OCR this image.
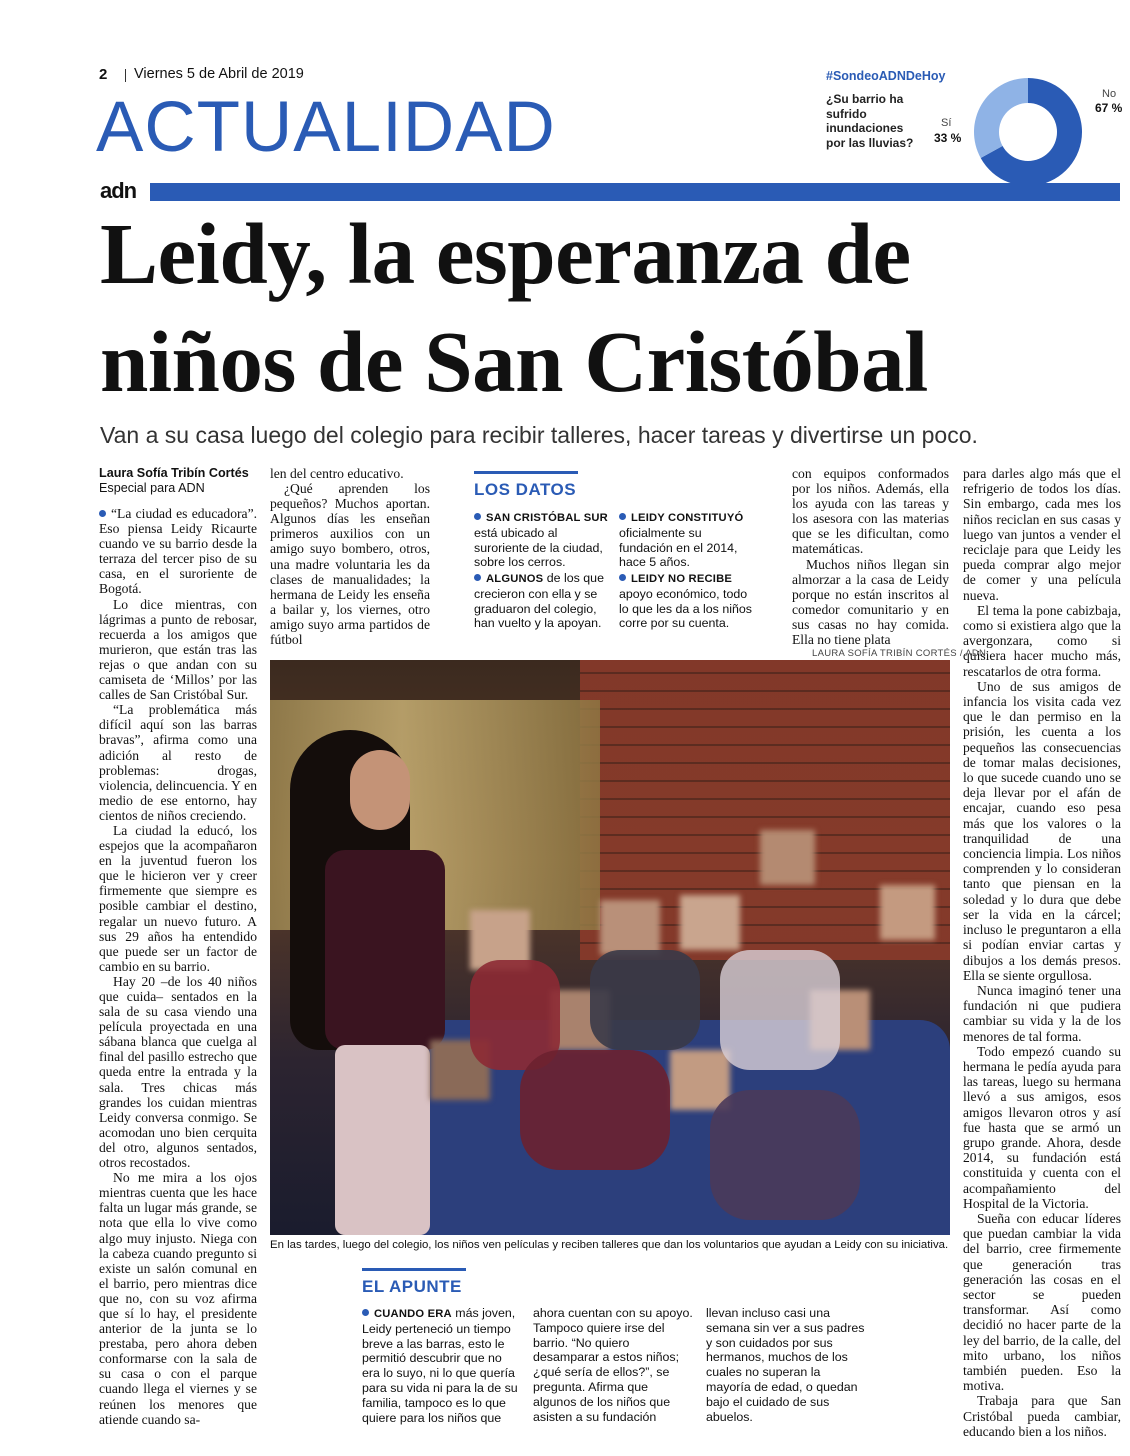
2 Viernes 5 de Abril de 2019
ACTUALIDAD
#SondeoADNDeHoy
¿Su barrio ha sufrido inundaciones por las lluvias?
Sí
33 %
No
67 %
adn
Leidy, la esperanza de
niños de San Cristóbal
Van a su casa luego del colegio para recibir talleres, hacer tareas y divertirse un poco.
Laura Sofía Tribín Cortés
Especial para ADN

“La ciudad es educadora”. Eso piensa Leidy Ricaurte cuando ve su barrio desde la terraza del tercer piso de su casa, en el suroriente de Bogotá.

Lo dice mientras, con lágrimas a punto de rebosar, recuerda a los amigos que murieron, que están tras las rejas o que andan con su camiseta de ‘Millos’ por las calles de San Cristóbal Sur.

“La problemática más difícil aquí son las barras bravas”, afirma como una adición al resto de problemas: drogas, violencia, delincuencia. Y en medio de ese entorno, hay cientos de niños creciendo.

La ciudad la educó, los espejos que la acompañaron en la juventud fueron los que le hicieron ver y creer firmemente que siempre es posible cambiar el destino, regalar un nuevo futuro. A sus 29 años ha entendido que puede ser un factor de cambio en su barrio.

Hay 20 –de los 40 niños que cuida– sentados en la sala de su casa viendo una película proyectada en una sábana blanca que cuelga al final del pasillo estrecho que queda entre la entrada y la sala. Tres chicas más grandes los cuidan mientras Leidy conversa conmigo. Se acomodan uno bien cerquita del otro, algunos sentados, otros recostados.

No me mira a los ojos mientras cuenta que les hace falta un lugar más grande, se nota que ella lo vive como algo muy injusto. Niega con la cabeza cuando pregunto si existe un salón comunal en el barrio, pero mientras dice que no, con su voz afirma que sí lo hay, el presidente anterior de la junta se lo prestaba, pero ahora deben conformarse con la sala de su casa o con el parque cuando llega el viernes y se reúnen los menores que atiende cuando sa-

len del centro educativo.

¿Qué aprenden los pequeños? Muchos aportan. Algunos días les enseñan primeros auxilios con un amigo suyo bombero, otros, una madre voluntaria les da clases de manualidades; la hermana de Leidy les enseña a bailar y, los viernes, otro amigo suyo arma partidos de fútbol

LOS DATOS
SAN CRISTÓBAL SUR está ubicado al suroriente de la ciudad, sobre los cerros.
ALGUNOS de los que crecieron con ella y se graduaron del colegio, han vuelto y la apoyan.
LEIDY CONSTITUYÓ oficialmente su fundación en el 2014, hace 5 años.
LEIDY NO RECIBE apoyo económico, todo lo que les da a los niños corre por su cuenta.

con equipos conformados por los niños. Además, ella los ayuda con las tareas y los asesora con las materias que se les dificultan, como matemáticas.

Muchos niños llegan sin almorzar a la casa de Leidy porque no están inscritos al comedor comunitario y en sus casas no hay comida. Ella no tiene plata

para darles algo más que el refrigerio de todos los días. Sin embargo, cada mes los niños reciclan en sus casas y luego van juntos a vender el reciclaje para que Leidy les pueda comprar algo mejor de comer y una película nueva.

El tema la pone cabizbaja, como si existiera algo que la avergonzara, como si quisiera hacer mucho más, rescatarlos de otra forma.

Uno de sus amigos de infancia los visita cada vez que le dan permiso en la prisión, les cuenta a los pequeños las consecuencias de tomar malas decisiones, lo que sucede cuando uno se deja llevar por el afán de encajar, cuando eso pesa más que los valores o la tranquilidad de una conciencia limpia. Los niños comprenden y lo consideran tanto que piensan en la soledad y lo dura que debe ser la vida en la cárcel; incluso le preguntaron a ella si podían enviar cartas y dibujos a los demás presos. Ella se siente orgullosa.

Nunca imaginó tener una fundación ni que pudiera cambiar su vida y la de los menores de tal forma.

Todo empezó cuando su hermana le pedía ayuda para las tareas, luego su hermana llevó a sus amigos, esos amigos llevaron otros y así fue hasta que se armó un grupo grande. Ahora, desde 2014, su fundación está constituida y cuenta con el acompañamiento del Hospital de la Victoria.

Sueña con educar líderes que puedan cambiar la vida del barrio, cree firmemente que generación tras generación las cosas en el sector se pueden transformar. Así como decidió no hacer parte de la ley del barrio, de la calle, del mito urbano, los niños también pueden. Eso la motiva.

Trabaja para que San Cristóbal pueda cambiar, educando bien a los niños.

LAURA SOFÍA TRIBÍN CORTÉS / ADN
En las tardes, luego del colegio, los niños ven películas y reciben talleres que dan los voluntarios que ayudan a Leidy con su iniciativa.
EL APUNTE
CUANDO ERA más joven, Leidy perteneció un tiempo breve a las barras, esto le permitió descubrir que no era lo suyo, ni lo que quería para su vida ni para la de su familia, tampoco es lo que quiere para los niños que
ahora cuentan con su apoyo. Tampoco quiere irse del barrio. “No quiero desamparar a estos niños; ¿qué sería de ellos?”, se pregunta. Afirma que algunos de los niños que asisten a su fundación
llevan incluso casi una semana sin ver a sus padres y son cuidados por sus hermanos, muchos de los cuales no superan la mayoría de edad, o quedan bajo el cuidado de sus abuelos.
